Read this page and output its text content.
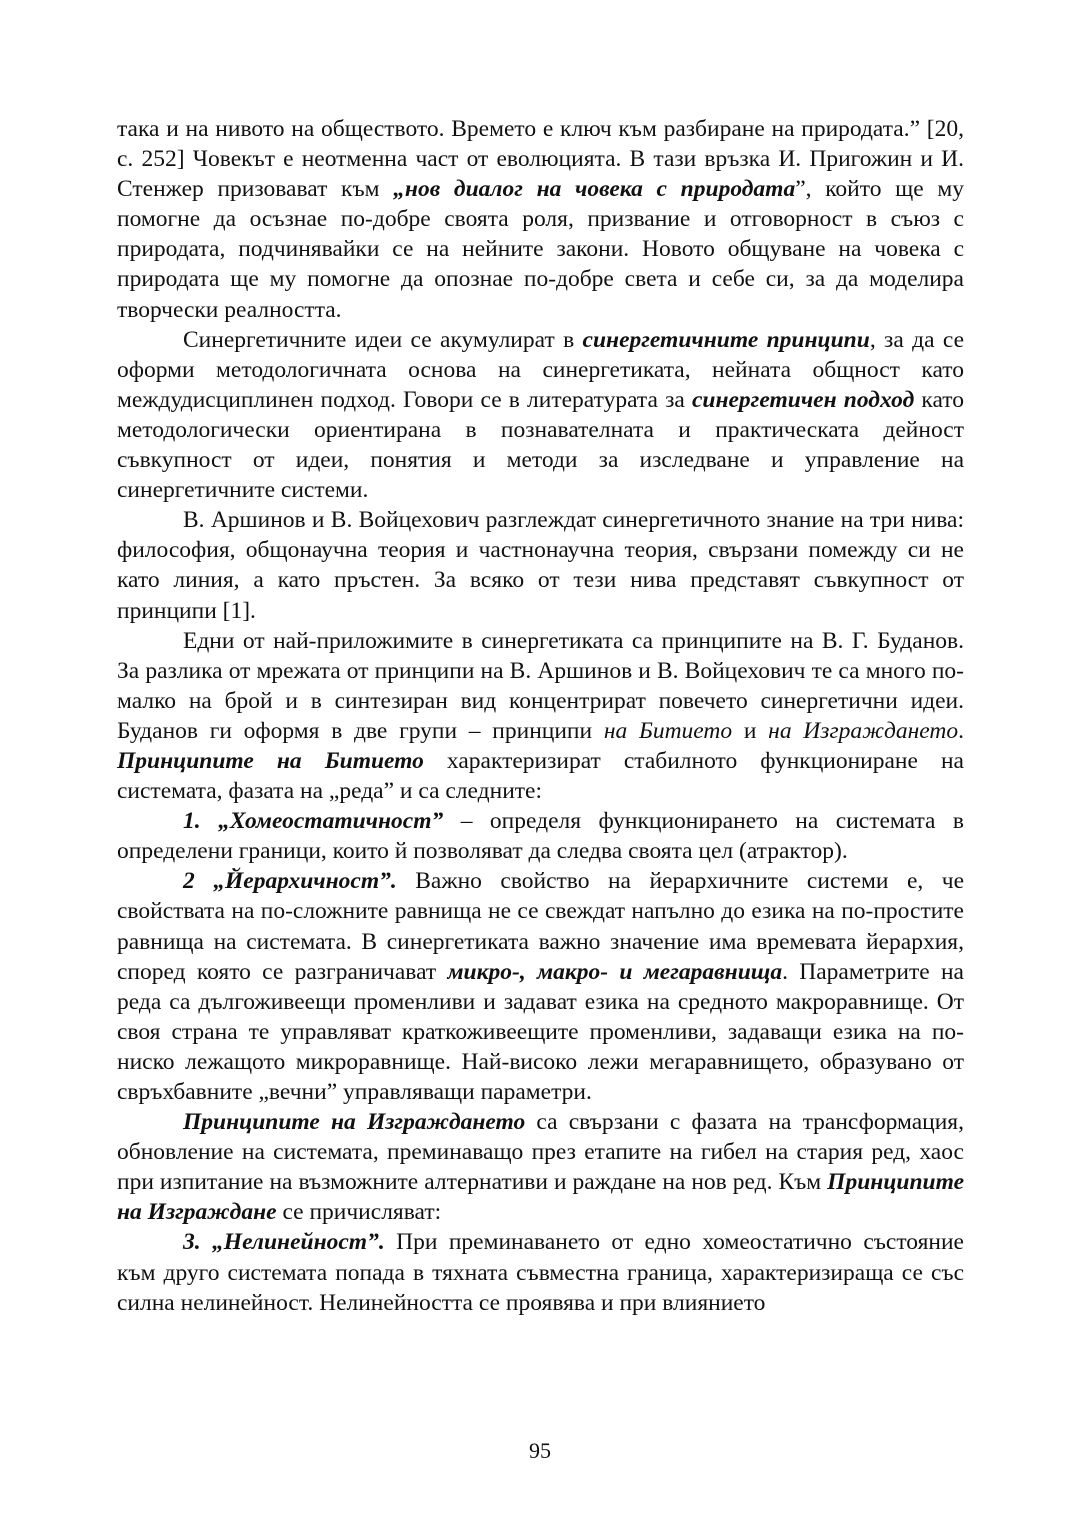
така и на нивото на обществото. Времето е ключ към разбиране на природата.” [20, с. 252] Човекът е неотменна част от еволюцията. В тази връзка И. Пригожин и И. Стенжер призовават към „нов диалог на човека с природата”, който ще му помогне да осъзнае по-добре своята роля, призвание и отговорност в съюз с природата, подчинявайки се на нейните закони. Новото общуване на човека с природата ще му помогне да опознае по-добре света и себе си, за да моделира творчески реалността.

Синергетичните идеи се акумулират в синергетичните принципи, за да се оформи методологичната основа на синергетиката, нейната общност като междудисциплинен подход. Говори се в литературата за синергетичен подход като методологически ориентирана в познавателната и практическата дейност съвкупност от идеи, понятия и методи за изследване и управление на синергетичните системи.

В. Аршинов и В. Войцехович разглеждат синергетичното знание на три нива: философия, общонаучна теория и частнонаучна теория, свързани помежду си не като линия, а като пръстен. За всяко от тези нива представят съвкупност от принципи [1].

Едни от най-приложимите в синергетиката са принципите на В. Г. Буданов. За разлика от мрежата от принципи на В. Аршинов и В. Войцехович те са много по-малко на брой и в синтезиран вид концентрират повечето синергетични идеи. Буданов ги оформя в две групи – принципи на Битието и на Изграждането. Принципите на Битието характеризират стабилното функциониране на системата, фазата на „реда” и са следните:

1. „Хомеостатичност” – определя функционирането на системата в определени граници, които й позволяват да следва своята цел (атрактор).

2 „Йерархичност”. Важно свойство на йерархичните системи е, че свойствата на по-сложните равнища не се свеждат напълно до езика на по-простите равнища на системата. В синергетиката важно значение има времевата йерархия, според която се разграничават микро-, макро- и мегаравнища. Параметрите на реда са дългоживеещи променливи и задават езика на средното макроравнище. От своя страна те управляват краткоживеещите променливи, задаващи езика на по-ниско лежащото микроравнище. Най-високо лежи мегаравнището, образувано от свръхбавните „вечни” управляващи параметри.

Принципите на Изграждането са свързани с фазата на трансформация, обновление на системата, преминаващо през етапите на гибел на стария ред, хаос при изпитание на възможните алтернативи и раждане на нов ред. Към Принципите на Изграждане се причисляват:

3. „Нелинейност”. При преминаването от едно хомеостатично състояние към друго системата попада в тяхната съвместна граница, характеризираща се със силна нелинейност. Нелинейността се проявява и при влиянието

95
